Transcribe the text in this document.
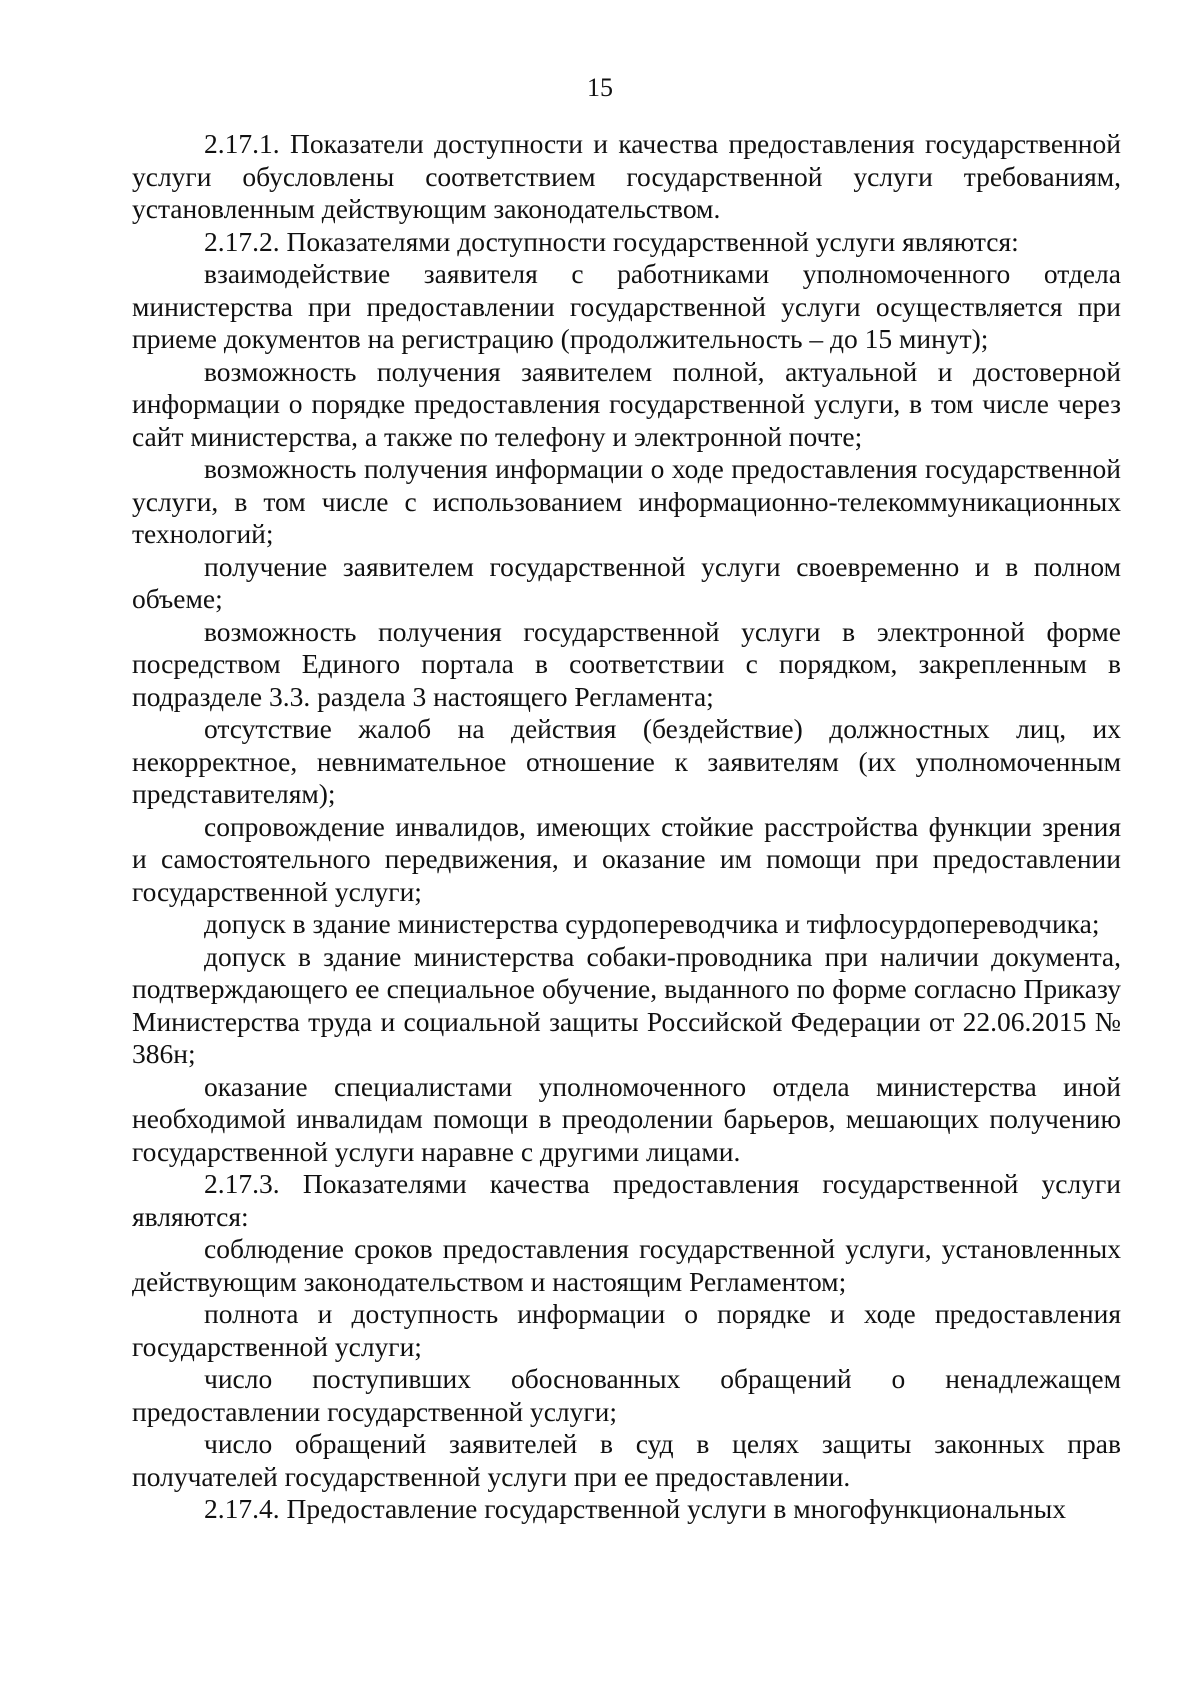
15

2.17.1. Показатели доступности и качества предоставления государственной услуги обусловлены соответствием государственной услуги требованиям, установленным действующим законодательством.

2.17.2. Показателями доступности государственной услуги являются:

взаимодействие заявителя с работниками уполномоченного отдела министерства при предоставлении государственной услуги осуществляется при приеме документов на регистрацию (продолжительность – до 15 минут);

возможность получения заявителем полной, актуальной и достоверной информации о порядке предоставления государственной услуги, в том числе через сайт министерства, а также по телефону и электронной почте;

возможность получения информации о ходе предоставления государственной услуги, в том числе с использованием информационно-телекоммуникационных технологий;

получение заявителем государственной услуги своевременно и в полном объеме;

возможность получения государственной услуги в электронной форме посредством Единого портала в соответствии с порядком, закрепленным в подразделе 3.3. раздела 3 настоящего Регламента;

отсутствие жалоб на действия (бездействие) должностных лиц, их некорректное, невнимательное отношение к заявителям (их уполномоченным представителям);

сопровождение инвалидов, имеющих стойкие расстройства функции зрения и самостоятельного передвижения, и оказание им помощи при предоставлении государственной услуги;

допуск в здание министерства сурдопереводчика и тифлосурдопереводчика;

допуск в здание министерства собаки-проводника при наличии документа, подтверждающего ее специальное обучение, выданного по форме согласно Приказу Министерства труда и социальной защиты Российской Федерации от 22.06.2015 № 386н;

оказание специалистами уполномоченного отдела министерства иной необходимой инвалидам помощи в преодолении барьеров, мешающих получению государственной услуги наравне с другими лицами.

2.17.3. Показателями качества предоставления государственной услуги являются:

соблюдение сроков предоставления государственной услуги, установленных действующим законодательством и настоящим Регламентом;

полнота и доступность информации о порядке и ходе предоставления государственной услуги;

число поступивших обоснованных обращений о ненадлежащем предоставлении государственной услуги;

число обращений заявителей в суд в целях защиты законных прав получателей государственной услуги при ее предоставлении.

2.17.4. Предоставление государственной услуги в многофункциональных
